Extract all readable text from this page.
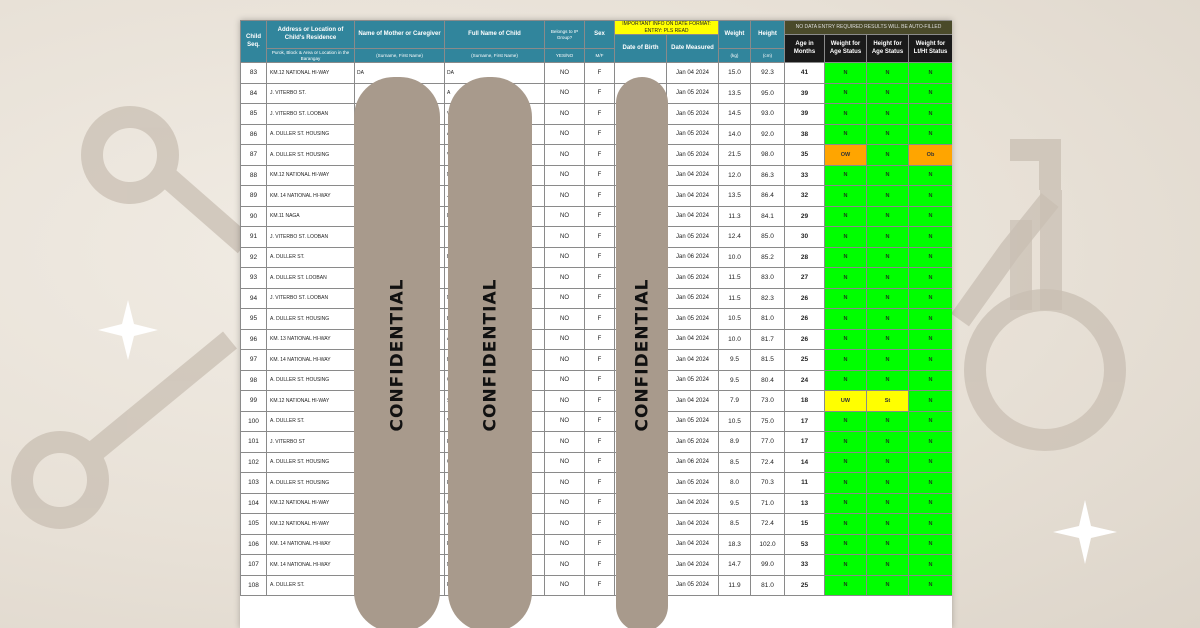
Child Seq.	Address or Location of Child's Residence	Name of Mother or Caregiver	Full Name of Child	Belongs to IP Group?	Sex	IMPORTANT INFO ON DATE FORMAT: ENTRY: PLS READ		Weight	Height	NO DATA ENTRY REQUIRED RESULTS WILL BE AUTO-FILLED			
						Date of Birth	Date Measured			Age in Months	Weight for Age Status	Height for Age Status	Weight for Lt/Ht Status
	Purok, Block & Area or Location in the Barangay	(Surname, First Name)	(Surname, First Name)	YES/NO	M/F			(kg)	(cm)				
83	KM.12 NATIONAL HI-WAY	DA	DA	NO	F		Jan 04 2024	15.0	92.3	41	N	N	N
84	J. VITERBO ST.		A	NO	F		Jan 05 2024	13.5	95.0	39	N	N	N
85	J. VITERBO ST. LOOBAN			NO	F		Jan 05 2024	14.5	93.0	39	N	N	N
86	A. DULLER ST. HOUSING			NO	F		Jan 05 2024	14.0	92.0	38	N	N	N
87	A. DULLER ST. HOUSING			NO	F		Jan 05 2024	21.5	98.0	35	OW	N	Ob
88	KM.12 NATIONAL HI-WAY			NO	F		Jan 04 2024	12.0	86.3	33	N	N	N
89	KM. 14 NATIONAL HI-WAY			NO	F		Jan 04 2024	13.5	86.4	32	N	N	N
90	KM.11 NAGA			NO	F		Jan 04 2024	11.3	84.1	29	N	N	N
91	J. VITERBO ST. LOOBAN			NO	F		Jan 05 2024	12.4	85.0	30	N	N	N
92	A. DULLER ST.			NO	F		Jan 06 2024	10.0	85.2	28	N	N	N
93	A. DULLER ST. LOOBAN			NO	F		Jan 05 2024	11.5	83.0	27	N	N	N
94	J. VITERBO ST. LOOBAN			NO	F		Jan 05 2024	11.5	82.3	26	N	N	N
95	A. DULLER ST. HOUSING			NO	F		Jan 05 2024	10.5	81.0	26	N	N	N
96	KM. 13 NATIONAL HI-WAY			NO	F		Jan 04 2024	10.0	81.7	26	N	N	N
97	KM. 14 NATIONAL HI-WAY			NO	F		Jan 04 2024	9.5	81.5	25	N	N	N
98	A. DULLER ST. HOUSING			NO	F		Jan 05 2024	9.5	80.4	24	N	N	N
99	KM.12 NATIONAL HI-WAY			NO	F		Jan 04 2024	7.9	73.0	18	UW	St	N
100	A. DULLER ST.			NO	F		Jan 05 2024	10.5	75.0	17	N	N	N
101	J. VITERBO ST			NO	F		Jan 05 2024	8.9	77.0	17	N	N	N
102	A. DULLER ST. HOUSING			NO	F		Jan 06 2024	8.5	72.4	14	N	N	N
103	A. DULLER ST. HOUSING			NO	F		Jan 05 2024	8.0	70.3	11	N	N	N
104	KM.12 NATIONAL HI-WAY			NO	F		Jan 04 2024	9.5	71.0	13	N	N	N
105	KM.12 NATIONAL HI-WAY			NO	F		Jan 04 2024	8.5	72.4	15	N	N	N
106	KM. 14 NATIONAL HI-WAY			NO	F		Jan 04 2024	18.3	102.0	53	N	N	N
107	KM. 14 NATIONAL HI-WAY			NO	F		Jan 04 2024	14.7	99.0	33	N	N	N
108	A. DULLER ST.			NO	F		Jan 05 2024	11.9	81.0	25	N	N	N
CONFIDENTIAL	CONFIDENTIAL	CONFIDENTIAL
